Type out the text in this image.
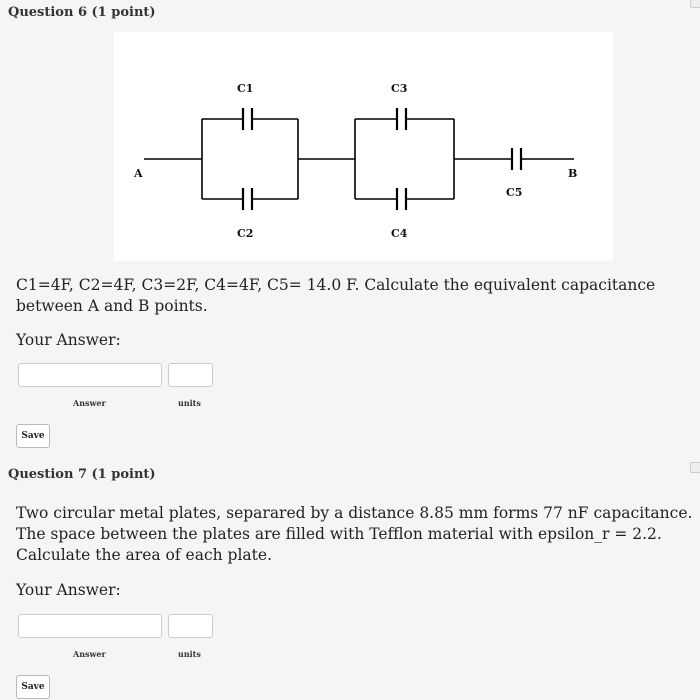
Question 6 (1 point)
A	B
C1
C2
C3
C4
C5
C1=4F, C2=4F, C3=2F, C4=4F, C5= 14.0 F. Calculate the equivalent capacitance
between A and B points.
Your Answer:
Answer	units
Save
Question 7 (1 point)
Two circular metal plates, separared by a distance 8.85 mm forms 77 nF capacitance.
The space between the plates are filled with Tefflon material with epsilon_r = 2.2.
Calculate the area of each plate.
Your Answer:
Answer	units
Save
